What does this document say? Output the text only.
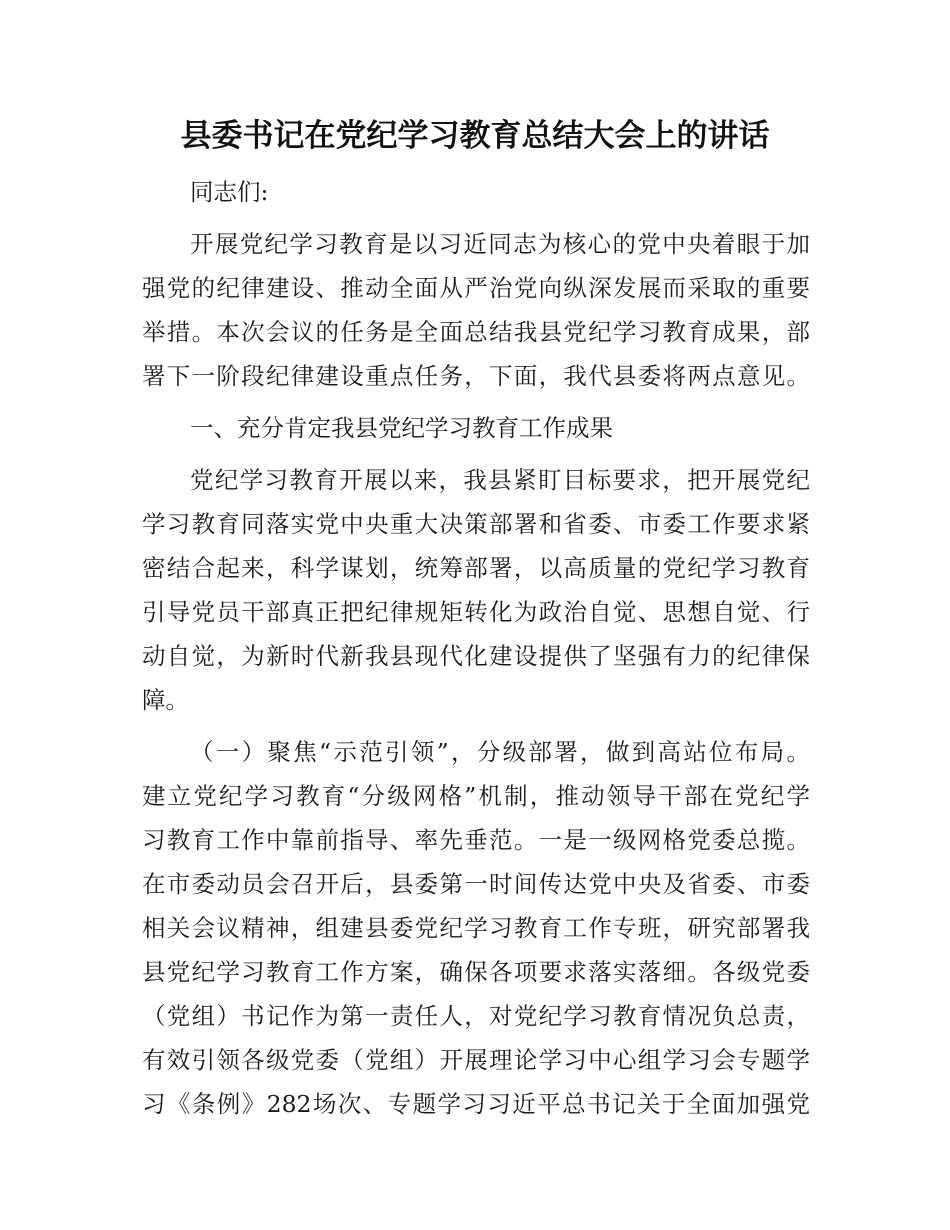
县委书记在党纪学习教育总结大会上的讲话
同志们:
开展党纪学习教育是以习近同志为核心的党中央着眼于加
强党的纪律建设、推动全面从严治党向纵深发展而采取的重要
举措。本次会议的任务是全面总结我县党纪学习教育成果，部
署下一阶段纪律建设重点任务，下面，我代县委将两点意见。
一、充分肯定我县党纪学习教育工作成果
党纪学习教育开展以来，我县紧盯目标要求，把开展党纪
学习教育同落实党中央重大决策部署和省委、市委工作要求紧
密结合起来，科学谋划，统筹部署，以高质量的党纪学习教育
引导党员干部真正把纪律规矩转化为政治自觉、思想自觉、行
动自觉，为新时代新我县现代化建设提供了坚强有力的纪律保
障。
（一）聚焦“示范引领”，分级部署，做到高站位布局。
建立党纪学习教育“分级网格”机制，推动领导干部在党纪学
习教育工作中靠前指导、率先垂范。一是一级网格党委总揽。
在市委动员会召开后，县委第一时间传达党中央及省委、市委
相关会议精神，组建县委党纪学习教育工作专班，研究部署我
县党纪学习教育工作方案，确保各项要求落实落细。各级党委
（党组）书记作为第一责任人，对党纪学习教育情况负总责，
有效引领各级党委（党组）开展理论学习中心组学习会专题学
习《条例》282场次、专题学习习近平总书记关于全面加强党
